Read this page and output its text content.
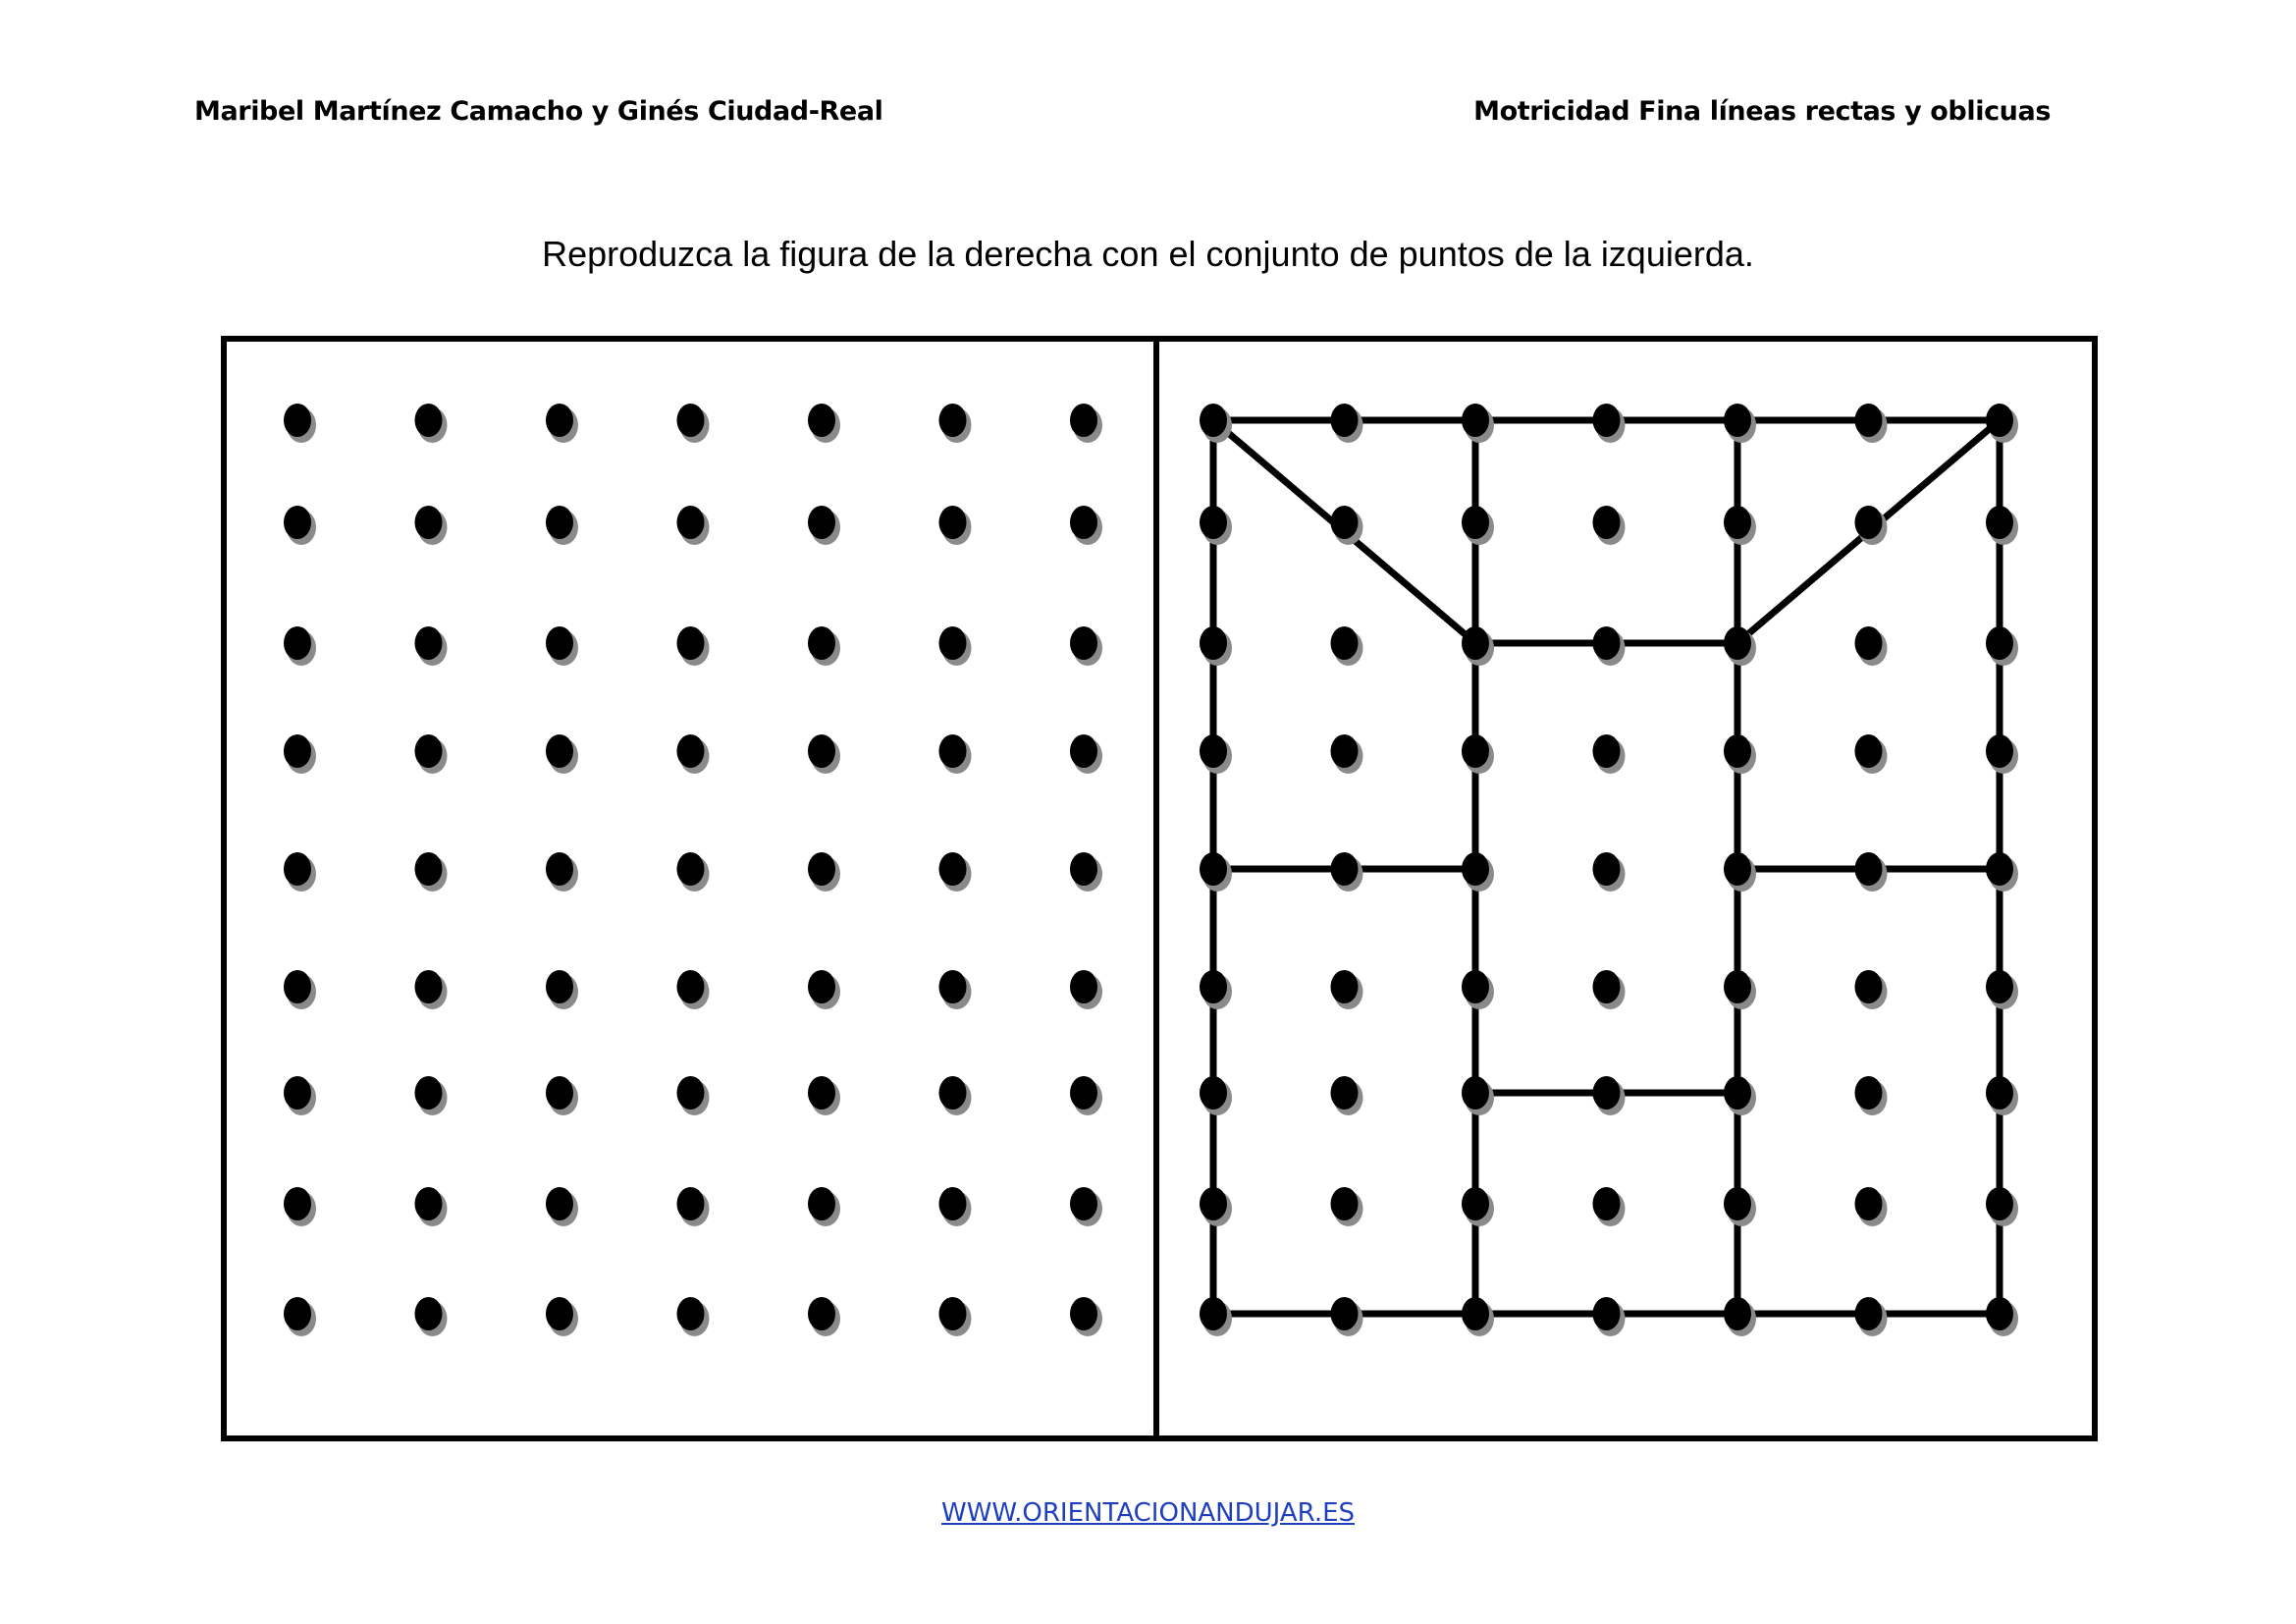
Maribel Martínez Camacho y Ginés Ciudad-Real	Motricidad Fina líneas rectas y oblicuas
Reproduzca la figura de la derecha con el conjunto de puntos de la izquierda.
WWW.ORIENTACIONANDUJAR.ES
